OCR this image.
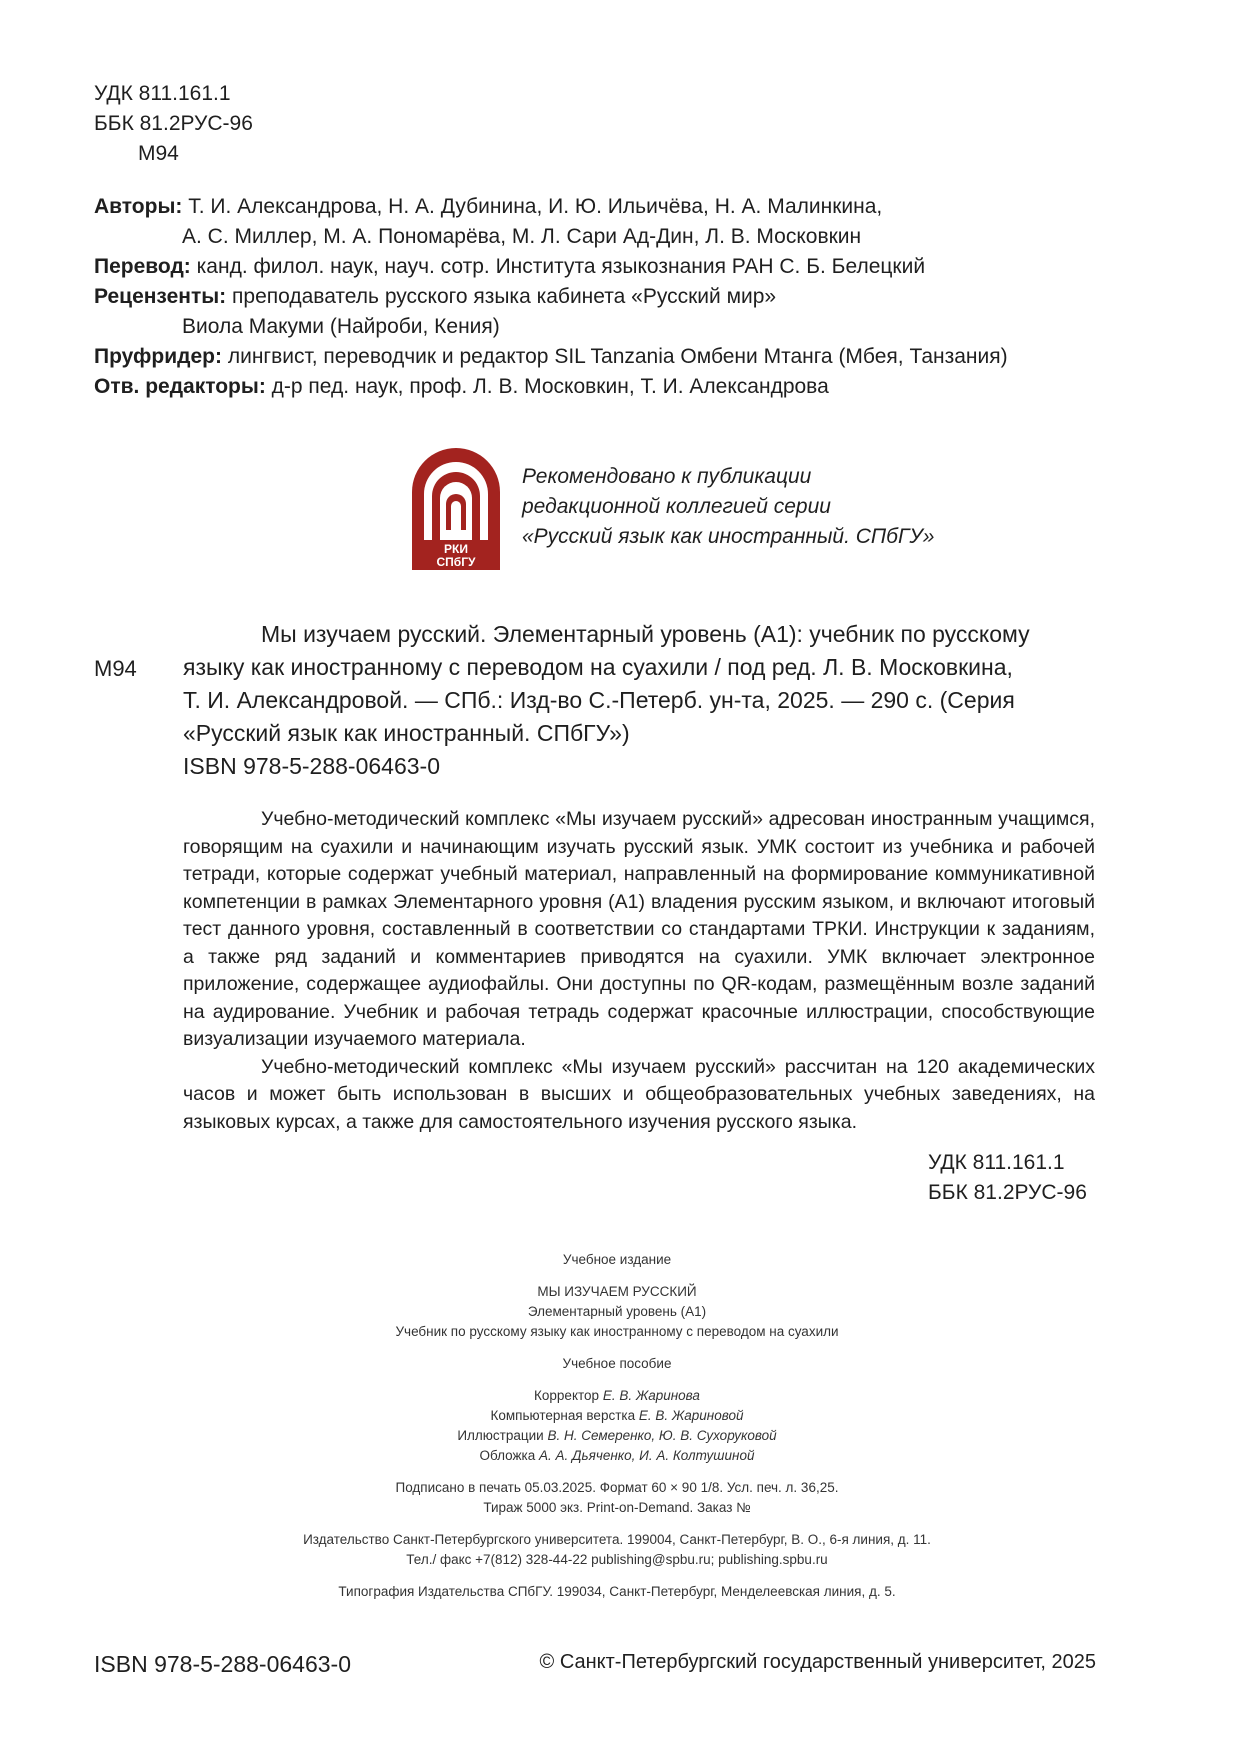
УДК 811.161.1
ББК 81.2РУС-96
М94
Авторы: Т. И. Александрова, Н. А. Дубинина, И. Ю. Ильичёва, Н. А. Малинкина,
А. С. Миллер, М. А. Пономарёва, М. Л. Сари Ад-Дин, Л. В. Московкин
Перевод: канд. филол. наук, науч. сотр. Института языкознания РАН С. Б. Белецкий
Рецензенты: преподаватель русского языка кабинета «Русский мир»
Виола Макуми (Найроби, Кения)
Пруфридер: лингвист, переводчик и редактор SIL Tanzania Омбени Мтанга (Мбея, Танзания)
Отв. редакторы: д-р пед. наук, проф. Л. В. Московкин, Т. И. Александрова
РКИ
СПбГУ
Рекомендовано к публикации
редакционной коллегией серии
«Русский язык как иностранный. СПбГУ»
М94
Мы изучаем русский. Элементарный уровень (А1): учебник по русскому
языку как иностранному с переводом на суахили / под ред. Л. В. Московкина,
Т. И. Александровой. — СПб.: Изд-во С.-Петерб. ун-та, 2025. — 290 с. (Серия
«Русский язык как иностранный. СПбГУ»)
ISBN 978-5-288-06463-0

Учебно-методический комплекс «Мы изучаем русский» адресован иностранным учащимся, говорящим на суахили и начинающим изучать русский язык. УМК состоит из учебника и рабочей тетради, которые содержат учебный материал, направленный на формирование коммуникативной компетенции в рамках Элементарного уровня (А1) владения русским языком, и включают итоговый тест данного уровня, составленный в соответствии со стандартами ТРКИ. Инструкции к заданиям, а также ряд заданий и комментариев приводятся на суахили. УМК включает электронное приложение, содержащее аудиофайлы. Они доступны по QR-кодам, размещённым возле заданий на аудирование. Учебник и рабочая тетрадь содержат красочные иллюстрации, способствующие визуализации изучаемого материала.

Учебно-методический комплекс «Мы изучаем русский» рассчитан на 120 академических часов и может быть использован в высших и общеобразовательных учебных заведениях, на языковых курсах, а также для самостоятельного изучения русского языка.

УДК 811.161.1
ББК 81.2РУС-96
Учебное издание
МЫ ИЗУЧАЕМ РУССКИЙ
Элементарный уровень (А1)
Учебник по русскому языку как иностранному с переводом на суахили
Учебное пособие
Корректор Е. В. Жаринова
Компьютерная верстка Е. В. Жариновой
Иллюстрации В. Н. Семеренко, Ю. В. Сухоруковой
Обложка А. А. Дьяченко, И. А. Колтушиной
Подписано в печать 05.03.2025. Формат 60 × 90 1/8. Усл. печ. л. 36,25.
Тираж 5000 экз. Print-on-Demand. Заказ №
Издательство Санкт-Петербургского университета. 199004, Санкт-Петербург, В. О., 6-я линия, д. 11.
Тел./ факс +7(812) 328-44-22 publishing@spbu.ru; publishing.spbu.ru
Типография Издательства СПбГУ. 199034, Санкт-Петербург, Менделеевская линия, д. 5.
ISBN 978-5-288-06463-0	© Санкт-Петербургский государственный университет, 2025
